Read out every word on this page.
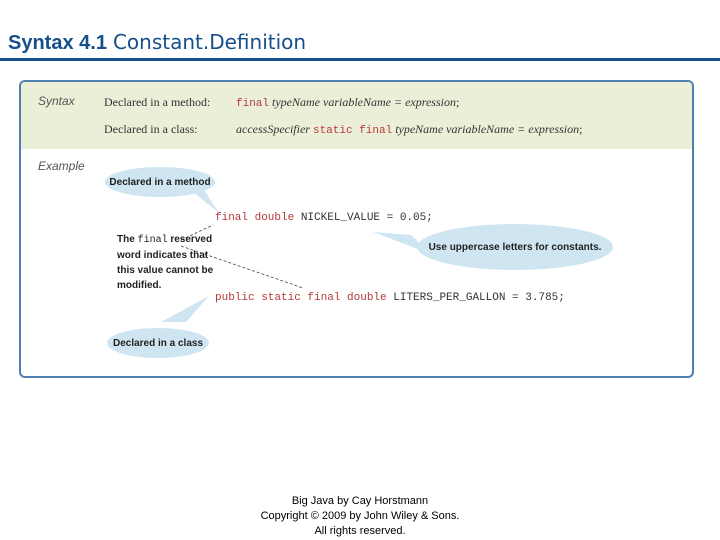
Syntax 4.1 Constant.Definition
Syntax Declared in a method: final typeName variableName = expression;
Declared in a class:	accessSpecifier static final typeName variableName = expression;
Example
Declared in a method
final double NICKEL_VALUE = 0.05;
Use uppercase letters for constants.
The final reserved word indicates that this value cannot be modified.
public static final double LITERS_PER_GALLON = 3.785;
Declared in a class
Big Java by Cay Horstmann
Copyright © 2009 by John Wiley & Sons.
All rights reserved.
